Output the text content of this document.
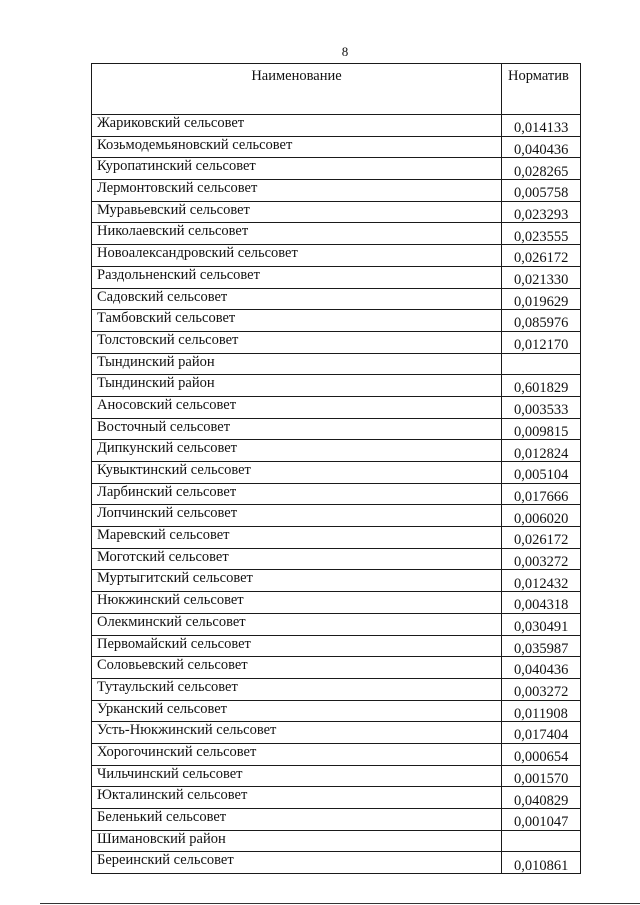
8
Наименование	Норматив
Жариковский сельсовет	0,014133
Козьмодемьяновский сельсовет	0,040436
Куропатинский сельсовет	0,028265
Лермонтовский сельсовет	0,005758
Муравьевский сельсовет	0,023293
Николаевский сельсовет	0,023555
Новоалександровский сельсовет	0,026172
Раздольненский сельсовет	0,021330
Садовский сельсовет	0,019629
Тамбовский сельсовет	0,085976
Толстовский сельсовет	0,012170
Тындинский район	
Тындинский район	0,601829
Аносовский сельсовет	0,003533
Восточный сельсовет	0,009815
Дипкунский сельсовет	0,012824
Кувыктинский сельсовет	0,005104
Ларбинский сельсовет	0,017666
Лопчинский сельсовет	0,006020
Маревский сельсовет	0,026172
Моготский сельсовет	0,003272
Муртыгитский сельсовет	0,012432
Нюкжинский сельсовет	0,004318
Олекминский сельсовет	0,030491
Первомайский сельсовет	0,035987
Соловьевский сельсовет	0,040436
Тутаульский сельсовет	0,003272
Урканский сельсовет	0,011908
Усть-Нюкжинский сельсовет	0,017404
Хорогочинский сельсовет	0,000654
Чильчинский сельсовет	0,001570
Юкталинский сельсовет	0,040829
Беленький сельсовет	0,001047
Шимановский район	
Береинский сельсовет	0,010861
